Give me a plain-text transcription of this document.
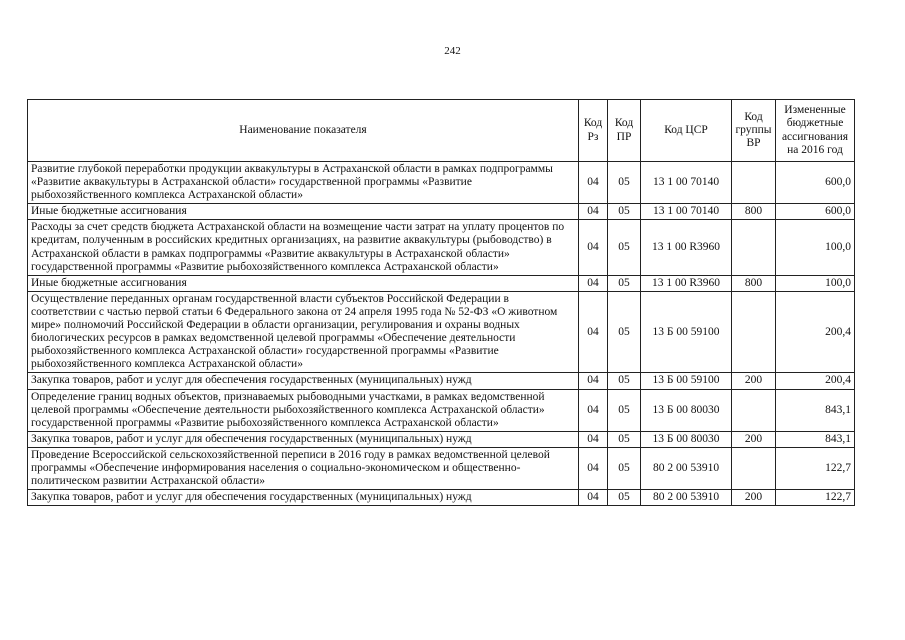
242
Наименование показателя	Код Рз	Код ПР	Код ЦСР	Код группы ВР	Измененные бюджетные ассигнования на 2016 год
Развитие глубокой переработки продукции аквакультуры в Астраханской области в рамках подпрограммы «Развитие аквакультуры в Астраханской области» государственной программы «Развитие рыбохозяйственного комплекса Астраханской области»	04	05	13 1 00 70140		600,0
Иные бюджетные ассигнования	04	05	13 1 00 70140	800	600,0
Расходы за счет средств бюджета Астраханской области на возмещение части затрат на уплату процентов по кредитам, полученным в российских кредитных организациях, на развитие аквакультуры (рыбоводство) в Астраханской области в рамках подпрограммы «Развитие аквакультуры в Астраханской области» государственной программы «Развитие рыбохозяйственного комплекса Астраханской области»	04	05	13 1 00 R3960		100,0
Иные бюджетные ассигнования	04	05	13 1 00 R3960	800	100,0
Осуществление переданных органам государственной власти субъектов Российской Федерации в соответствии с частью первой статьи 6 Федерального закона от 24 апреля 1995 года № 52-ФЗ «О животном мире» полномочий Российской Федерации в области организации, регулирования и охраны водных биологических ресурсов в рамках ведомственной целевой программы «Обеспечение деятельности рыбохозяйственного комплекса Астраханской области» государственной программы «Развитие рыбохозяйственного комплекса Астраханской области»	04	05	13 Б 00 59100		200,4
Закупка товаров, работ и услуг для обеспечения государственных (муниципальных) нужд	04	05	13 Б 00 59100	200	200,4
Определение границ водных объектов, признаваемых рыбоводными участками, в рамках ведомственной целевой программы «Обеспечение деятельности рыбохозяйственного комплекса Астраханской области» государственной программы «Развитие рыбохозяйственного комплекса Астраханской области»	04	05	13 Б 00 80030		843,1
Закупка товаров, работ и услуг для обеспечения государственных (муниципальных) нужд	04	05	13 Б 00 80030	200	843,1
Проведение Всероссийской сельскохозяйственной переписи в 2016 году в рамках ведомственной целевой программы «Обеспечение информирования населения о социально-экономическом и общественно-политическом развитии Астраханской области»	04	05	80 2 00 53910		122,7
Закупка товаров, работ и услуг для обеспечения государственных (муниципальных) нужд	04	05	80 2 00 53910	200	122,7
